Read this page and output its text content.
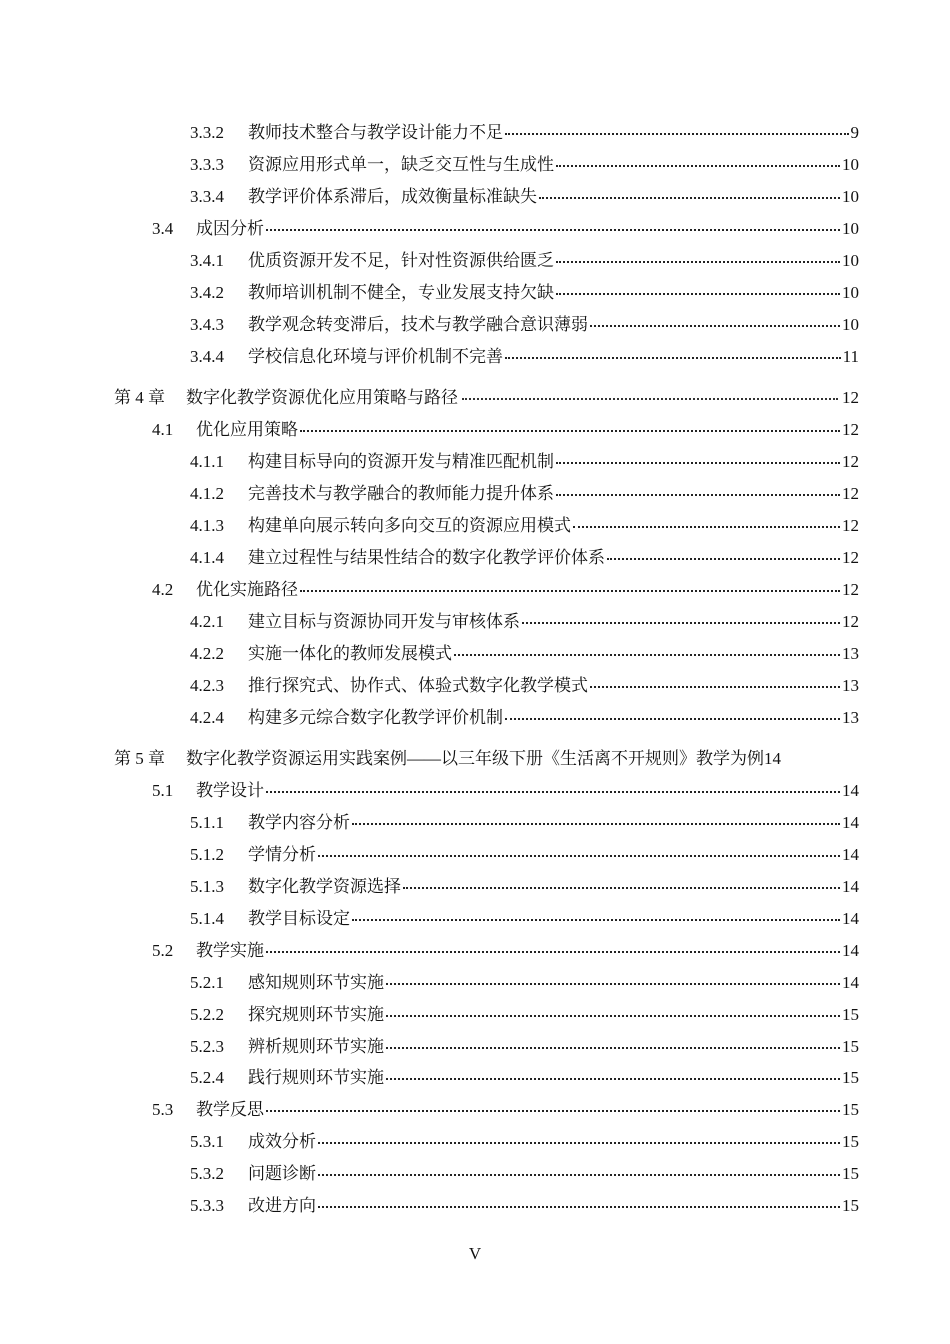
3.3.2	教师技术整合与教学设计能力不足	9
3.3.3	资源应用形式单一，缺乏交互性与生成性	10
3.3.4	教学评价体系滞后，成效衡量标准缺失	10
3.4	成因分析	10
3.4.1	优质资源开发不足，针对性资源供给匮乏	10
3.4.2	教师培训机制不健全，专业发展支持欠缺	10
3.4.3	教学观念转变滞后，技术与教学融合意识薄弱	10
3.4.4	学校信息化环境与评价机制不完善	11
第 4 章	数字化教学资源优化应用策略与路径	12
4.1	优化应用策略	12
4.1.1	构建目标导向的资源开发与精准匹配机制	12
4.1.2	完善技术与教学融合的教师能力提升体系	12
4.1.3	构建单向展示转向多向交互的资源应用模式	12
4.1.4	建立过程性与结果性结合的数字化教学评价体系	12
4.2	优化实施路径	12
4.2.1	建立目标与资源协同开发与审核体系	12
4.2.2	实施一体化的教师发展模式	13
4.2.3	推行探究式、协作式、体验式数字化教学模式	13
4.2.4	构建多元综合数字化教学评价机制	13
第 5 章	数字化教学资源运用实践案例——以三年级下册《生活离不开规则》教学为例 14
5.1	教学设计	14
5.1.1	教学内容分析	14
5.1.2	学情分析	14
5.1.3	数字化教学资源选择	14
5.1.4	教学目标设定	14
5.2	教学实施	14
5.2.1	感知规则环节实施	14
5.2.2	探究规则环节实施	15
5.2.3	辨析规则环节实施	15
5.2.4	践行规则环节实施	15
5.3	教学反思	15
5.3.1	成效分析	15
5.3.2	问题诊断	15
5.3.3	改进方向	15
V
